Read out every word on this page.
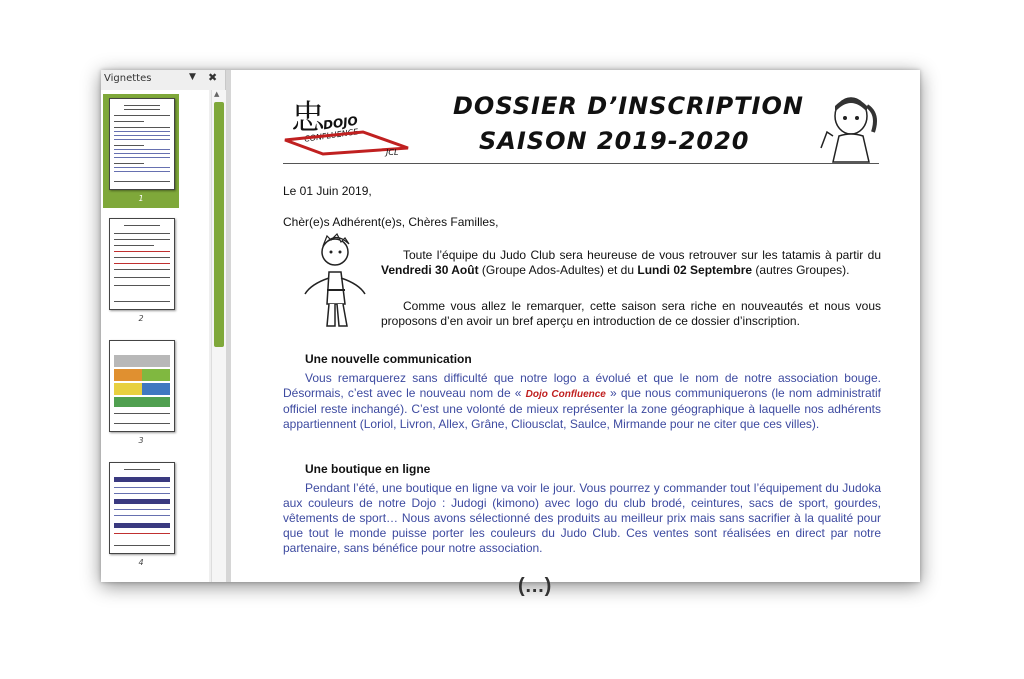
Vignettes	▼ ✖
1
2
3
4
▲
忠
DOJO
CONFLUENCE
JCL
DOSSIER D’INSCRIPTION
SAISON 2019-2020
Le 01 Juin 2019,
Chèr(e)s Adhérent(e)s, Chères Familles,
Toute l’équipe du Judo Club sera heureuse de vous retrouver sur les tatamis à partir du Vendredi 30 Août (Groupe Ados-Adultes) et du Lundi 02 Septembre (autres Groupes).
Comme vous allez le remarquer, cette saison sera riche en nouveautés et nous vous proposons d’en avoir un bref aperçu en introduction de ce dossier d’inscription.
Une nouvelle communication
Vous remarquerez sans difficulté que notre logo a évolué et que le nom de notre association bouge. Désormais, c’est avec le nouveau nom de « Dojo Confluence » que nous communiquerons (le nom administratif officiel reste inchangé). C’est une volonté de mieux représenter la zone géographique à laquelle nos adhérents appartiennent (Loriol, Livron, Allex, Grâne, Cliousclat, Saulce, Mirmande pour ne citer que ces villes).
Une boutique en ligne
Pendant l’été, une boutique en ligne va voir le jour. Vous pourrez y commander tout l’équipement du Judoka aux couleurs de notre Dojo : Judogi (kimono) avec logo du club brodé, ceintures, sacs de sport, gourdes, vêtements de sport… Nous avons sélectionné des produits au meilleur prix mais sans sacrifier à la qualité pour que tout le monde puisse porter les couleurs du Judo Club. Ces ventes sont réalisées en direct par notre partenaire, sans bénéfice pour notre association.
(…)
